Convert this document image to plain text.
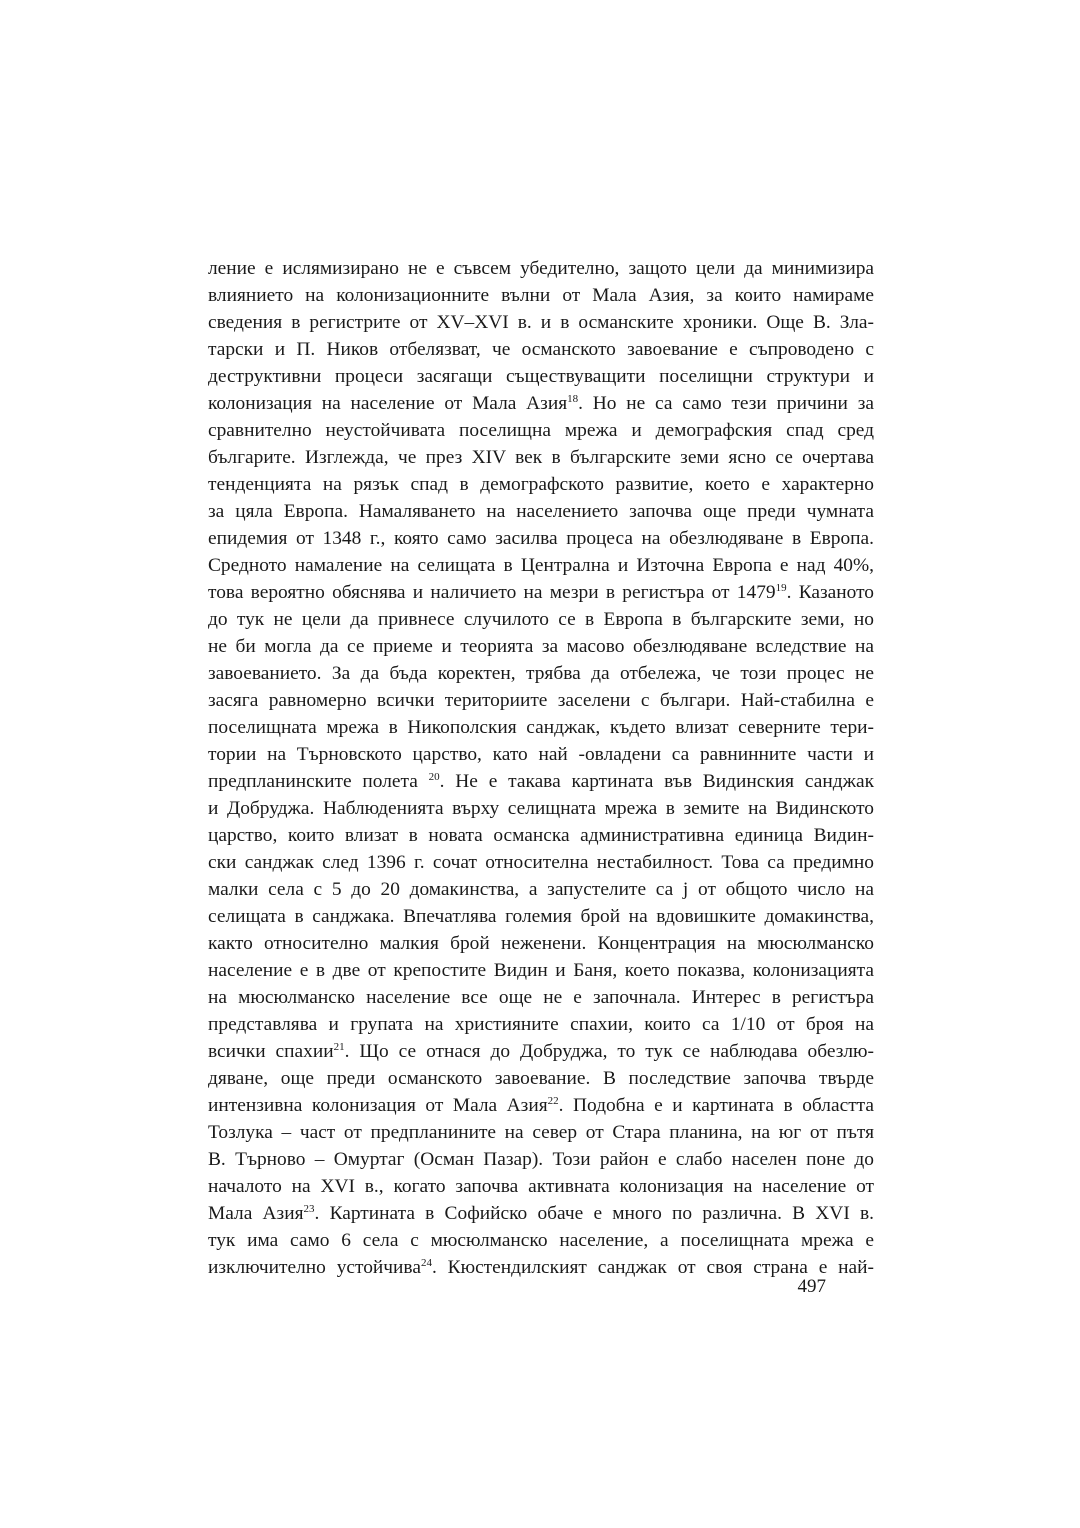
ление е ислямизирано не е съвсем убедително, защото цели да минимизира
влиянието на колонизационните вълни от Мала Азия, за които намираме
сведения в регистрите от XV–XVI в. и в османските хроники. Още В. Зла-
тарски и П. Ников отбелязват, че османското завоевание е съпроводено с
деструктивни процеси засягащи съществуващити поселищни структури и
колонизация на население от Мала Азия$^{18}$. Но не са само тези причини за
сравнително неустойчивата поселищна мрежа и демографския спад сред
българите. Изглежда, че през XIV век в българските земи ясно се очертава
тенденцията на рязък спад в демографското развитие, което е характерно
за цяла Европа. Намаляването на населението започва още преди чумната
епидемия от 1348 г., която само засилва процеса на обезлюдяване в Европа.
Средното намаление на селищата в Централна и Източна Европа е над 40%,
това вероятно обяснява и наличието на мезри в регистъра от 1479$^{19}$. Казаното
до тук не цели да привнесе случилото се в Европа в българските земи, но
не би могла да се приеме и теорията за масово обезлюдяване вследствие на
завоеванието. За да бъда коректен, трябва да отбележа, че този процес не
засяга равномерно всички териториите заселени с българи. Най-стабилна е
поселищната мрежа в Никополския санджак, където влизат северните тери-
тории на Търновското царство, като най -овладени са равнинните части и
предпланинските полета $^{20}$. Не е такава картината във Видинския санджак
и Добруджа. Наблюденията върху селищната мрежа в земите на Видинското
царство, които влизат в новата османска административна единица Видин-
ски санджак след 1396 г. сочат относителна нестабилност. Това са предимно
малки села с 5 до 20 домакинства, а запустелите са j от общото число на
селищата в санджака. Впечатлява големия брой на вдовишките домакинства,
както относително малкия брой неженени. Концентрация на мюсюлманско
население е в две от крепостите Видин и Баня, което показва, колонизацията
на мюсюлманско население все още не е започнала. Интерес в регистъра
представлява и групата на християните спахии, които са 1/10 от броя на
всички спахии$^{21}$. Що се отнася до Добруджа, то тук се наблюдава обезлю-
дяване, още преди османското завоевание. В последствие започва твърде
интензивна колонизация от Мала Азия$^{22}$. Подобна е и картината в областта
Тозлука – част от предпланините на север от Стара планина, на юг от пътя
В. Търново – Омуртаг (Осман Пазар). Този район е слабо населен поне до
началото на XVI в., когато започва активната колонизация на население от
Мала Азия$^{23}$. Картината в Софийско обаче е много по различна. В XVI в.
тук има само 6 села с мюсюлманско население, а поселищната мрежа е
изключително устойчива$^{24}$. Кюстендилският санджак от своя страна е най-
497
